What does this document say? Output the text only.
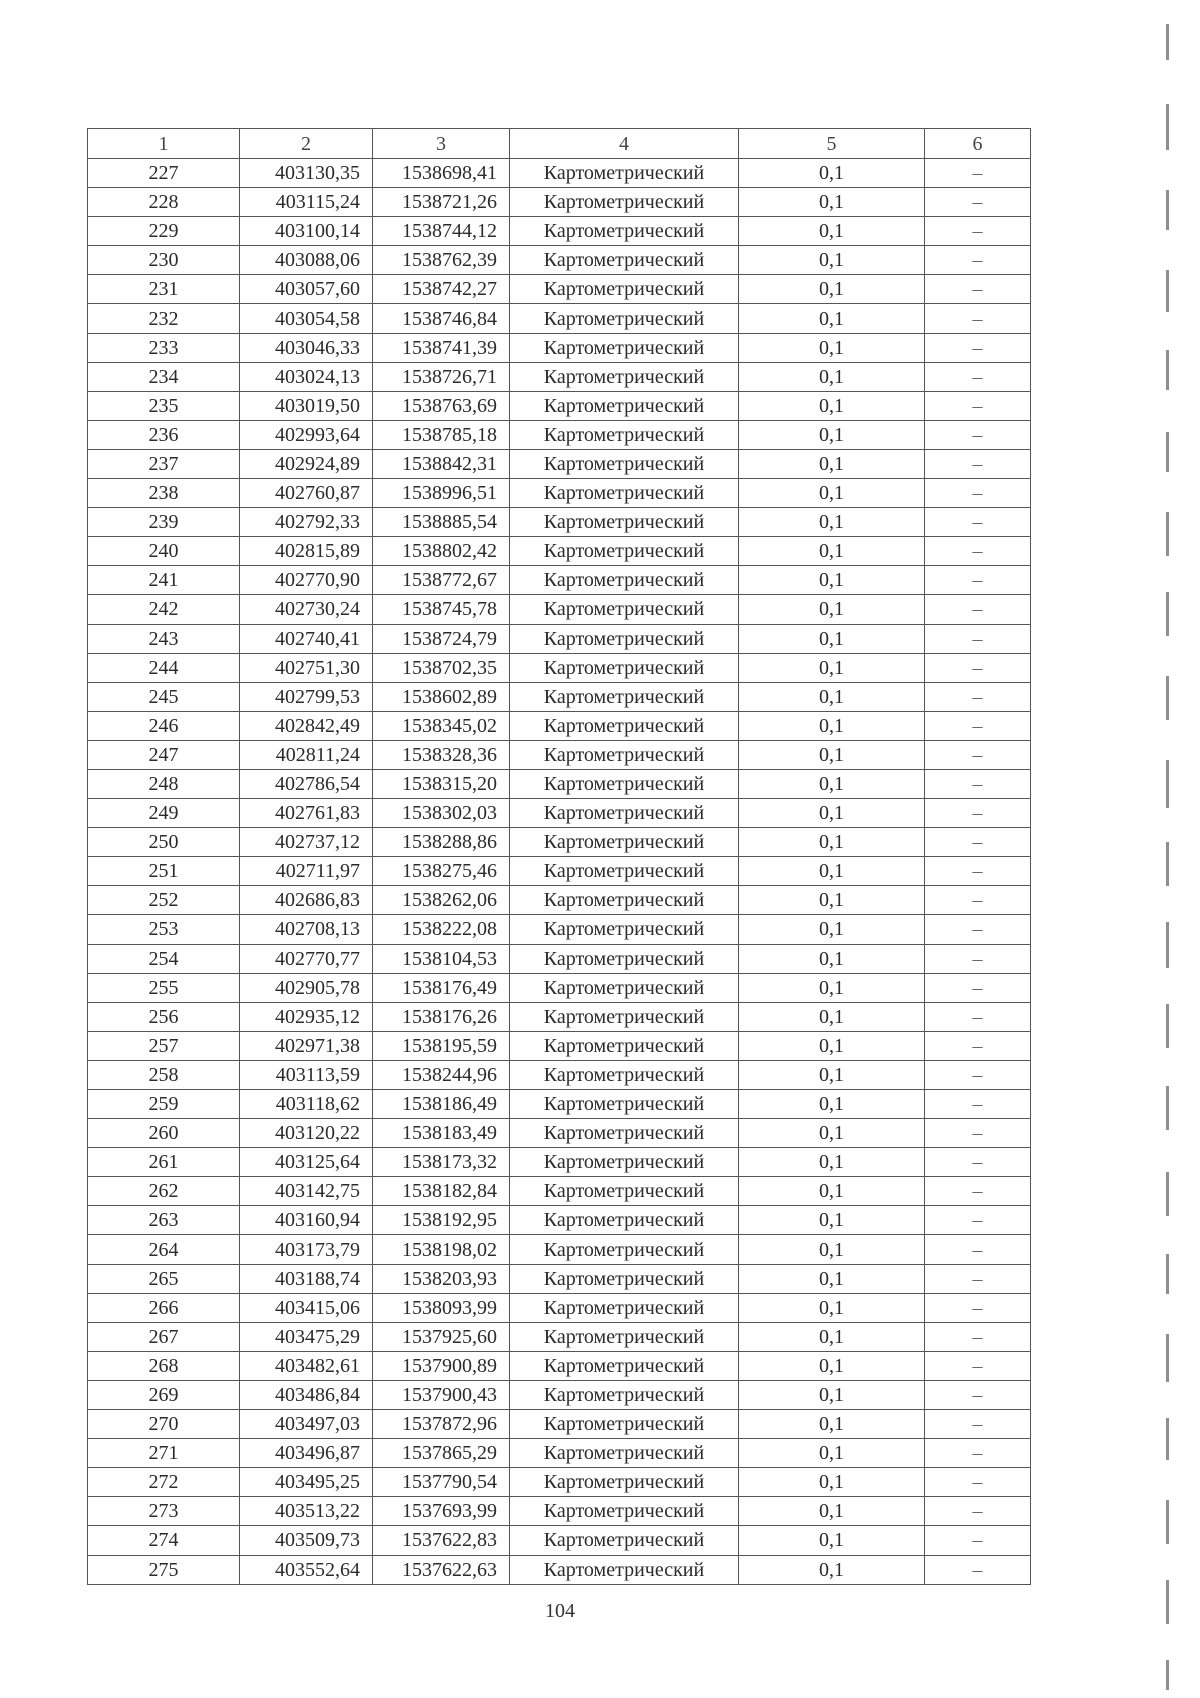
1	2	3	4	5	6
227	403130,35	1538698,41	Картометрический	0,1	–
228	403115,24	1538721,26	Картометрический	0,1	–
229	403100,14	1538744,12	Картометрический	0,1	–
230	403088,06	1538762,39	Картометрический	0,1	–
231	403057,60	1538742,27	Картометрический	0,1	–
232	403054,58	1538746,84	Картометрический	0,1	–
233	403046,33	1538741,39	Картометрический	0,1	–
234	403024,13	1538726,71	Картометрический	0,1	–
235	403019,50	1538763,69	Картометрический	0,1	–
236	402993,64	1538785,18	Картометрический	0,1	–
237	402924,89	1538842,31	Картометрический	0,1	–
238	402760,87	1538996,51	Картометрический	0,1	–
239	402792,33	1538885,54	Картометрический	0,1	–
240	402815,89	1538802,42	Картометрический	0,1	–
241	402770,90	1538772,67	Картометрический	0,1	–
242	402730,24	1538745,78	Картометрический	0,1	–
243	402740,41	1538724,79	Картометрический	0,1	–
244	402751,30	1538702,35	Картометрический	0,1	–
245	402799,53	1538602,89	Картометрический	0,1	–
246	402842,49	1538345,02	Картометрический	0,1	–
247	402811,24	1538328,36	Картометрический	0,1	–
248	402786,54	1538315,20	Картометрический	0,1	–
249	402761,83	1538302,03	Картометрический	0,1	–
250	402737,12	1538288,86	Картометрический	0,1	–
251	402711,97	1538275,46	Картометрический	0,1	–
252	402686,83	1538262,06	Картометрический	0,1	–
253	402708,13	1538222,08	Картометрический	0,1	–
254	402770,77	1538104,53	Картометрический	0,1	–
255	402905,78	1538176,49	Картометрический	0,1	–
256	402935,12	1538176,26	Картометрический	0,1	–
257	402971,38	1538195,59	Картометрический	0,1	–
258	403113,59	1538244,96	Картометрический	0,1	–
259	403118,62	1538186,49	Картометрический	0,1	–
260	403120,22	1538183,49	Картометрический	0,1	–
261	403125,64	1538173,32	Картометрический	0,1	–
262	403142,75	1538182,84	Картометрический	0,1	–
263	403160,94	1538192,95	Картометрический	0,1	–
264	403173,79	1538198,02	Картометрический	0,1	–
265	403188,74	1538203,93	Картометрический	0,1	–
266	403415,06	1538093,99	Картометрический	0,1	–
267	403475,29	1537925,60	Картометрический	0,1	–
268	403482,61	1537900,89	Картометрический	0,1	–
269	403486,84	1537900,43	Картометрический	0,1	–
270	403497,03	1537872,96	Картометрический	0,1	–
271	403496,87	1537865,29	Картометрический	0,1	–
272	403495,25	1537790,54	Картометрический	0,1	–
273	403513,22	1537693,99	Картометрический	0,1	–
274	403509,73	1537622,83	Картометрический	0,1	–
275	403552,64	1537622,63	Картометрический	0,1	–
104
